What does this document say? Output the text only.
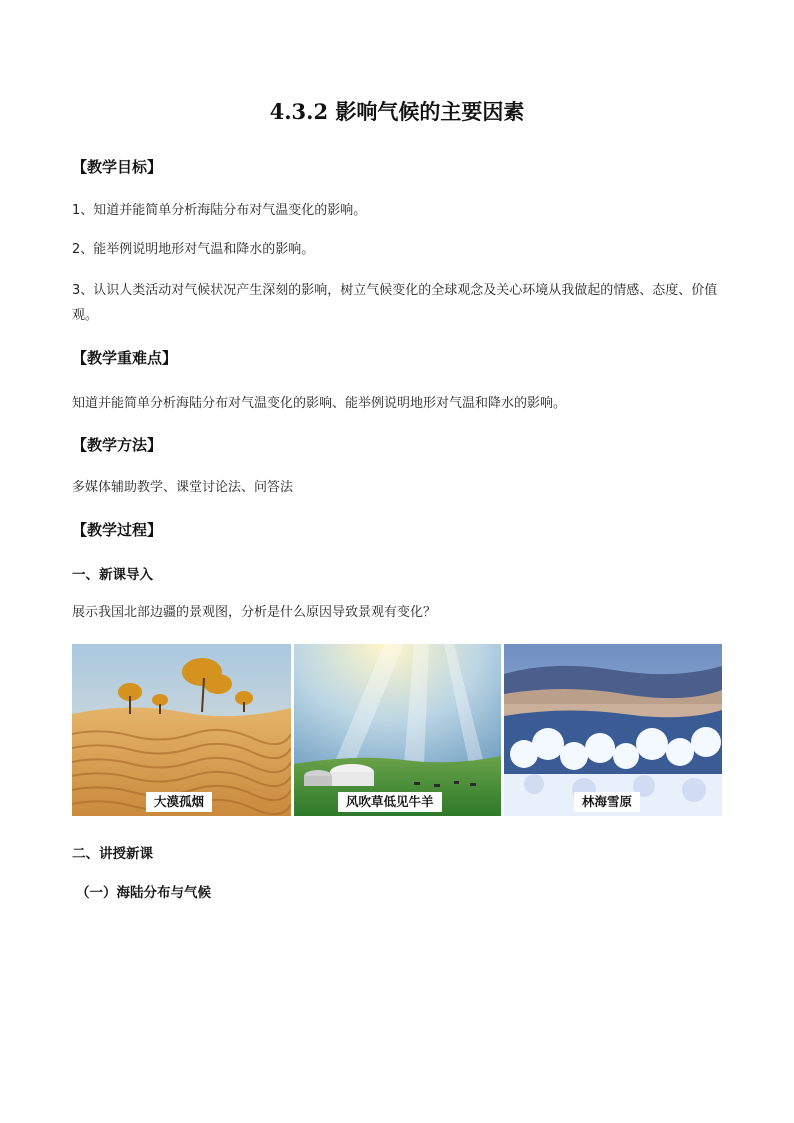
4.3.2 影响气候的主要因素
【教学目标】
1、知道并能简单分析海陆分布对气温变化的影响。
2、能举例说明地形对气温和降水的影响。
3、认识人类活动对气候状况产生深刻的影响，树立气候变化的全球观念及关心环境从我做起的情感、态度、价值观。
【教学重难点】
知道并能简单分析海陆分布对气温变化的影响、能举例说明地形对气温和降水的影响。
【教学方法】
多媒体辅助教学、课堂讨论法、问答法
【教学过程】
一、新课导入
展示我国北部边疆的景观图，分析是什么原因导致景观有变化？
大漠孤烟	风吹草低见牛羊	林海雪原
二、讲授新课
（一）海陆分布与气候
